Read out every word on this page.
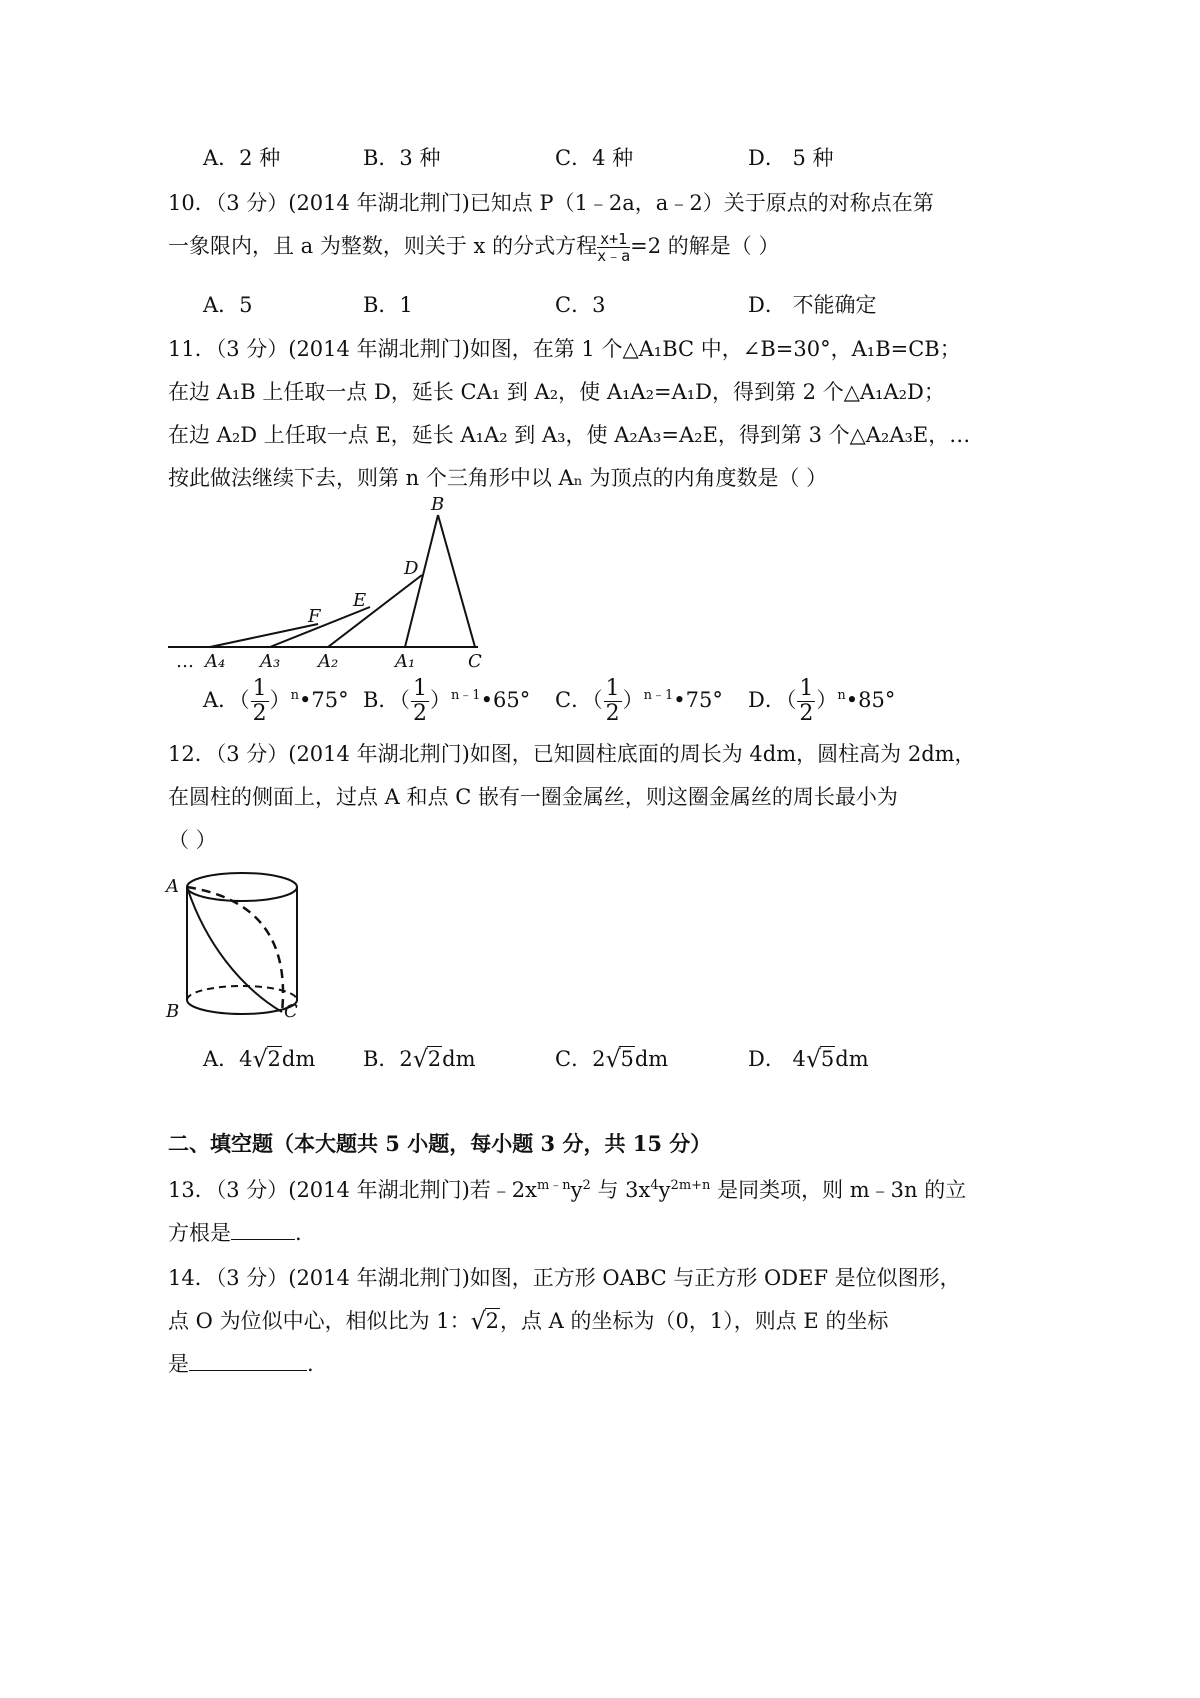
A．2 种	B．3 种	C．4 种	D． 5 种
10．（3 分）(2014 年湖北荆门)已知点 P（1﹣2a，a﹣2）关于原点的对称点在第
一象限内，且 a 为整数，则关于 x 的分式方程 $\frac{x+1}{x﹣a} =2$ 的解是（ ）
A．5	B．1	C．3	D． 不能确定
11．（3 分）(2014 年湖北荆门)如图，在第 1 个△A₁BC 中，∠B=30°，A₁B=CB；
在边 A₁B 上任取一点 D，延长 CA₁ 到 A₂，使 A₁A₂=A₁D，得到第 2 个△A₁A₂D；
在边 A₂D 上任取一点 E，延长 A₁A₂ 到 A₃，使 A₂A₃=A₂E，得到第 3 个△A₂A₃E，…
按此做法继续下去，则第 n 个三角形中以 Aₙ 为顶点的内角度数是（ ）
B
D
E
F
… A₄ A₃ A₂	A₁	C
A．（ $\frac{1}{2})^n•75^\circ$ B．（ $\frac{1}{2})^{n﹣1}•65^\circ$ C．（ $\frac{1}{2})^{n﹣1}•75^\circ$ D．（ $\frac{1}{2})^n•85^\circ$
12．（3 分）(2014 年湖北荆门)如图，已知圆柱底面的周长为 4dm，圆柱高为 2dm，
在圆柱的侧面上，过点 A 和点 C 嵌有一圈金属丝，则这圈金属丝的周长最小为
（ ）
A
B	C
A．4 √ 2dm B．2 √ 2dm	C．2 √ 5dm	D． 4 √ 5dm
二、填空题（本大题共 5 小题，每小题 3 分，共 15 分）
13．（3 分）(2014 年湖北荆门)若$﹣2x^{m﹣n}y^2$ 与 $3x^4y^{2m+n}$ 是同类项，则 m﹣3n 的立
方根是	.
14．（3 分）(2014 年湖北荆门)如图，正方形 OABC 与正方形 ODEF 是位似图形，
点 O 为位似中心，相似比为 1： √ 2，点 A 的坐标为（0，1），则点 E 的坐标
是	.
